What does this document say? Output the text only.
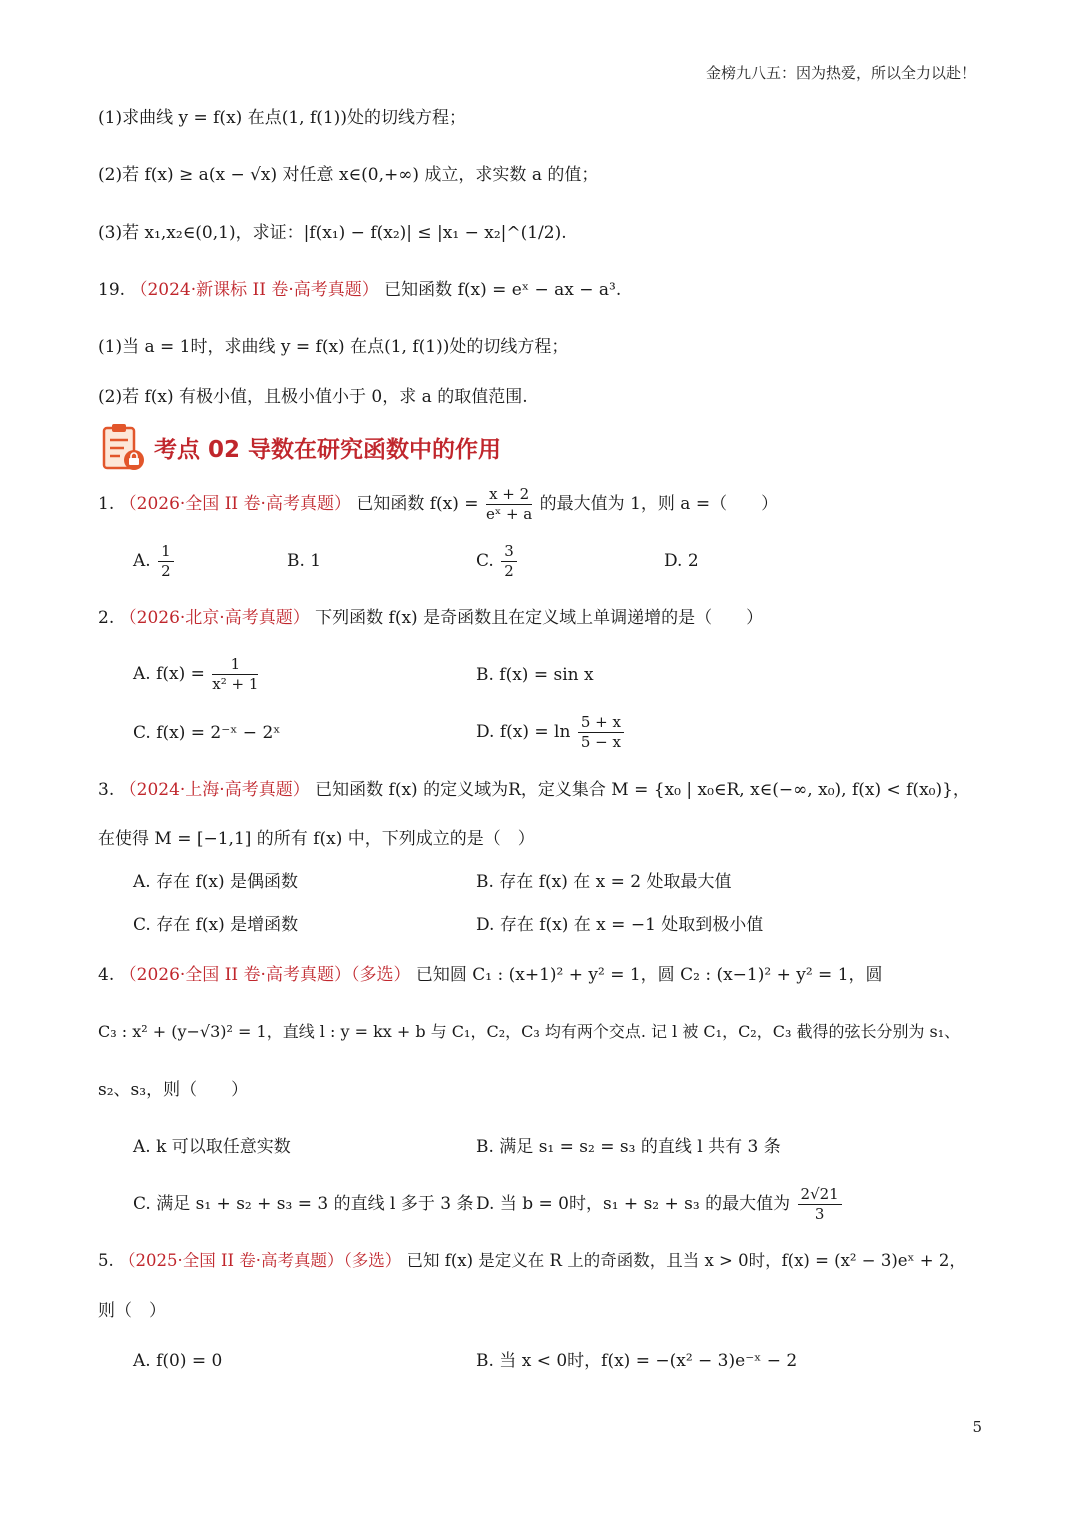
金榜九八五：因为热爱，所以全力以赴！
(1)求曲线 y = f(x) 在点(1, f(1))处的切线方程；
(2)若 f(x) ≥ a(x − √x) 对任意 x∈(0,+∞) 成立，求实数 a 的值；
(3)若 x₁,x₂∈(0,1)，求证：|f(x₁) − f(x₂)| ≤ |x₁ − x₂|^(1/2).
19. （2024·新课标 II 卷·高考真题） 已知函数 f(x) = eˣ − ax − a³.
(1)当 a = 1时，求曲线 y = f(x) 在点(1, f(1))处的切线方程；
(2)若 f(x) 有极小值，且极小值小于 0，求 a 的取值范围.
考点 02 导数在研究函数中的作用
1. （2026·全国 II 卷·高考真题） 已知函数 $f(x) = \frac{x + 2}{\text{eˣ + a}}$ 的最大值为 1，则 a =（　　）
A. $\frac{1}{2}$	B. 1	C. $\frac{3}{2}$	D. 2
2. （2026·北京·高考真题） 下列函数 f(x) 是奇函数且在定义域上单调递增的是（　　）
A. $f(x) = \frac{1}{\text{x² + 1}}$	B. f(x) = sin x
C. f(x) = 2⁻ˣ − 2ˣ	D. $f(x) = \ln \frac{5 + x}{5 - x}$
3. （2024·上海·高考真题） 已知函数 f(x) 的定义域为R，定义集合 M = {x₀ | x₀∈R, x∈(−∞, x₀), f(x) < f(x₀)}，
在使得 M = [−1,1] 的所有 f(x) 中，下列成立的是（　）
A. 存在 f(x) 是偶函数	B. 存在 f(x) 在 x = 2 处取最大值
C. 存在 f(x) 是增函数	D. 存在 f(x) 在 x = −1 处取到极小值
4. （2026·全国 II 卷·高考真题）（多选） 已知圆 C₁ : (x+1)² + y² = 1，圆 C₂ : (x−1)² + y² = 1，圆
C₃ : x² + (y−√3)² = 1，直线 l : y = kx + b 与 C₁，C₂，C₃ 均有两个交点. 记 l 被 C₁，C₂，C₃ 截得的弦长分别为 s₁、
s₂、s₃，则（　　）
A. k 可以取任意实数	B. 满足 s₁ = s₂ = s₃ 的直线 l 共有 3 条
C. 满足 s₁ + s₂ + s₃ = 3 的直线 l 多于 3 条 D. 当 b = 0时，s₁ + s₂ + s₃ 的最大值为 $\frac{2√21}{3}$
5. （2025·全国 II 卷·高考真题）（多选） 已知 f(x) 是定义在 R 上的奇函数，且当 x > 0时，f(x) = (x² − 3)eˣ + 2，
则（　）
A. f(0) = 0	B. 当 x < 0时，f(x) = −(x² − 3)e⁻ˣ − 2
5
